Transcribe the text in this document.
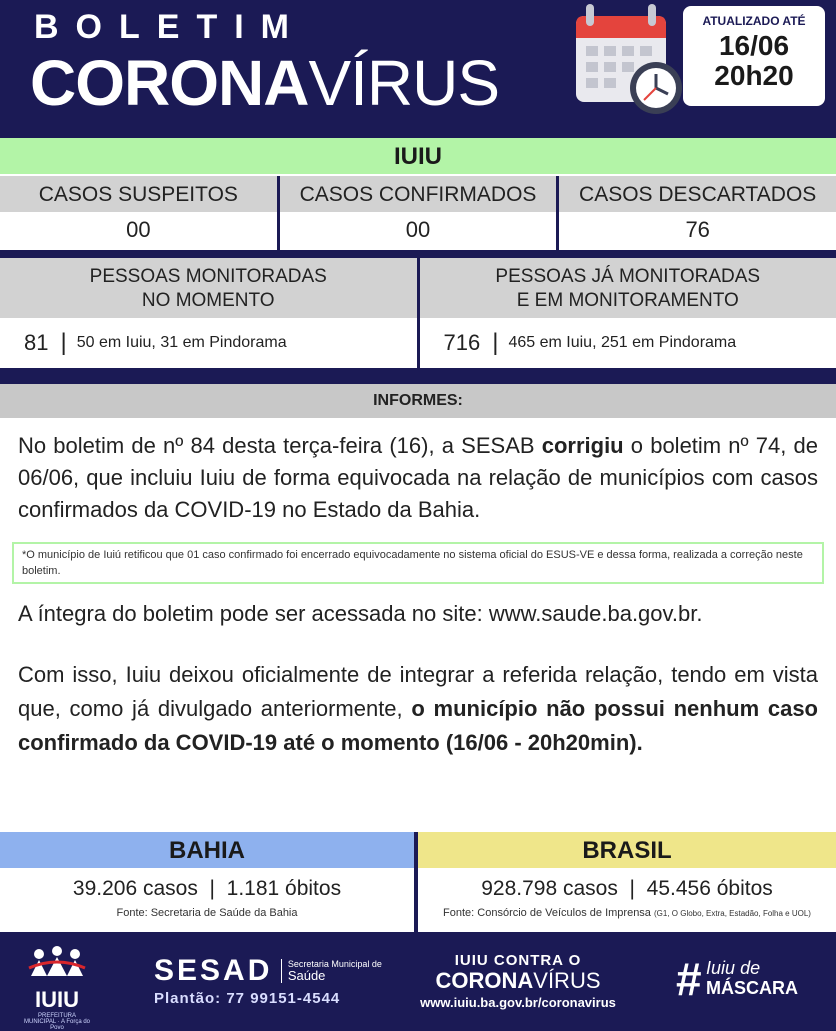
BOLETIM
CORONAVÍRUS
ATUALIZADO ATÉ
16/06
20h20
IUIU
CASOS SUSPEITOS
00
CASOS CONFIRMADOS
00
CASOS DESCARTADOS
76
PESSOAS MONITORADAS
NO MOMENTO
81 | 50 em Iuiu, 31 em Pindorama
PESSOAS JÁ MONITORADAS
E EM MONITORAMENTO
716 | 465 em Iuiu, 251 em Pindorama
INFORMES:

No boletim de nº 84 desta terça-feira (16), a SESAB corrigiu o boletim nº 74, de 06/06, que incluiu Iuiu de forma equivocada na relação de municípios com casos confirmados da COVID-19 no Estado da Bahia.

*O município de Iuiú retificou que 01 caso confirmado foi encerrado equivocadamente no sistema oficial do ESUS-VE e dessa forma, realizada a correção neste boletim.

A íntegra do boletim pode ser acessada no site: www.saude.ba.gov.br.

Com isso, Iuiu deixou oficialmente de integrar a referida relação, tendo em vista que, como já divulgado anteriormente, o município não possui nenhum caso confirmado da COVID-19 até o momento (16/06 - 20h20min).

BAHIA
39.206 casos  |  1.181 óbitos
Fonte: Secretaria de Saúde da Bahia
BRASIL
928.798 casos  |  45.456 óbitos
Fonte: Consórcio de Veículos de Imprensa (G1, O Globo, Extra, Estadão, Folha e UOL)
IUIU
PREFEITURA MUNICIPAL · A Força do Povo
SESAD Secretaria Municipal de
Saúde
Plantão: 77 99151-4544
IUIU CONTRA O
CORONAVÍRUS
www.iuiu.ba.gov.br/coronavirus	# Iuiu de
MÁSCARA
